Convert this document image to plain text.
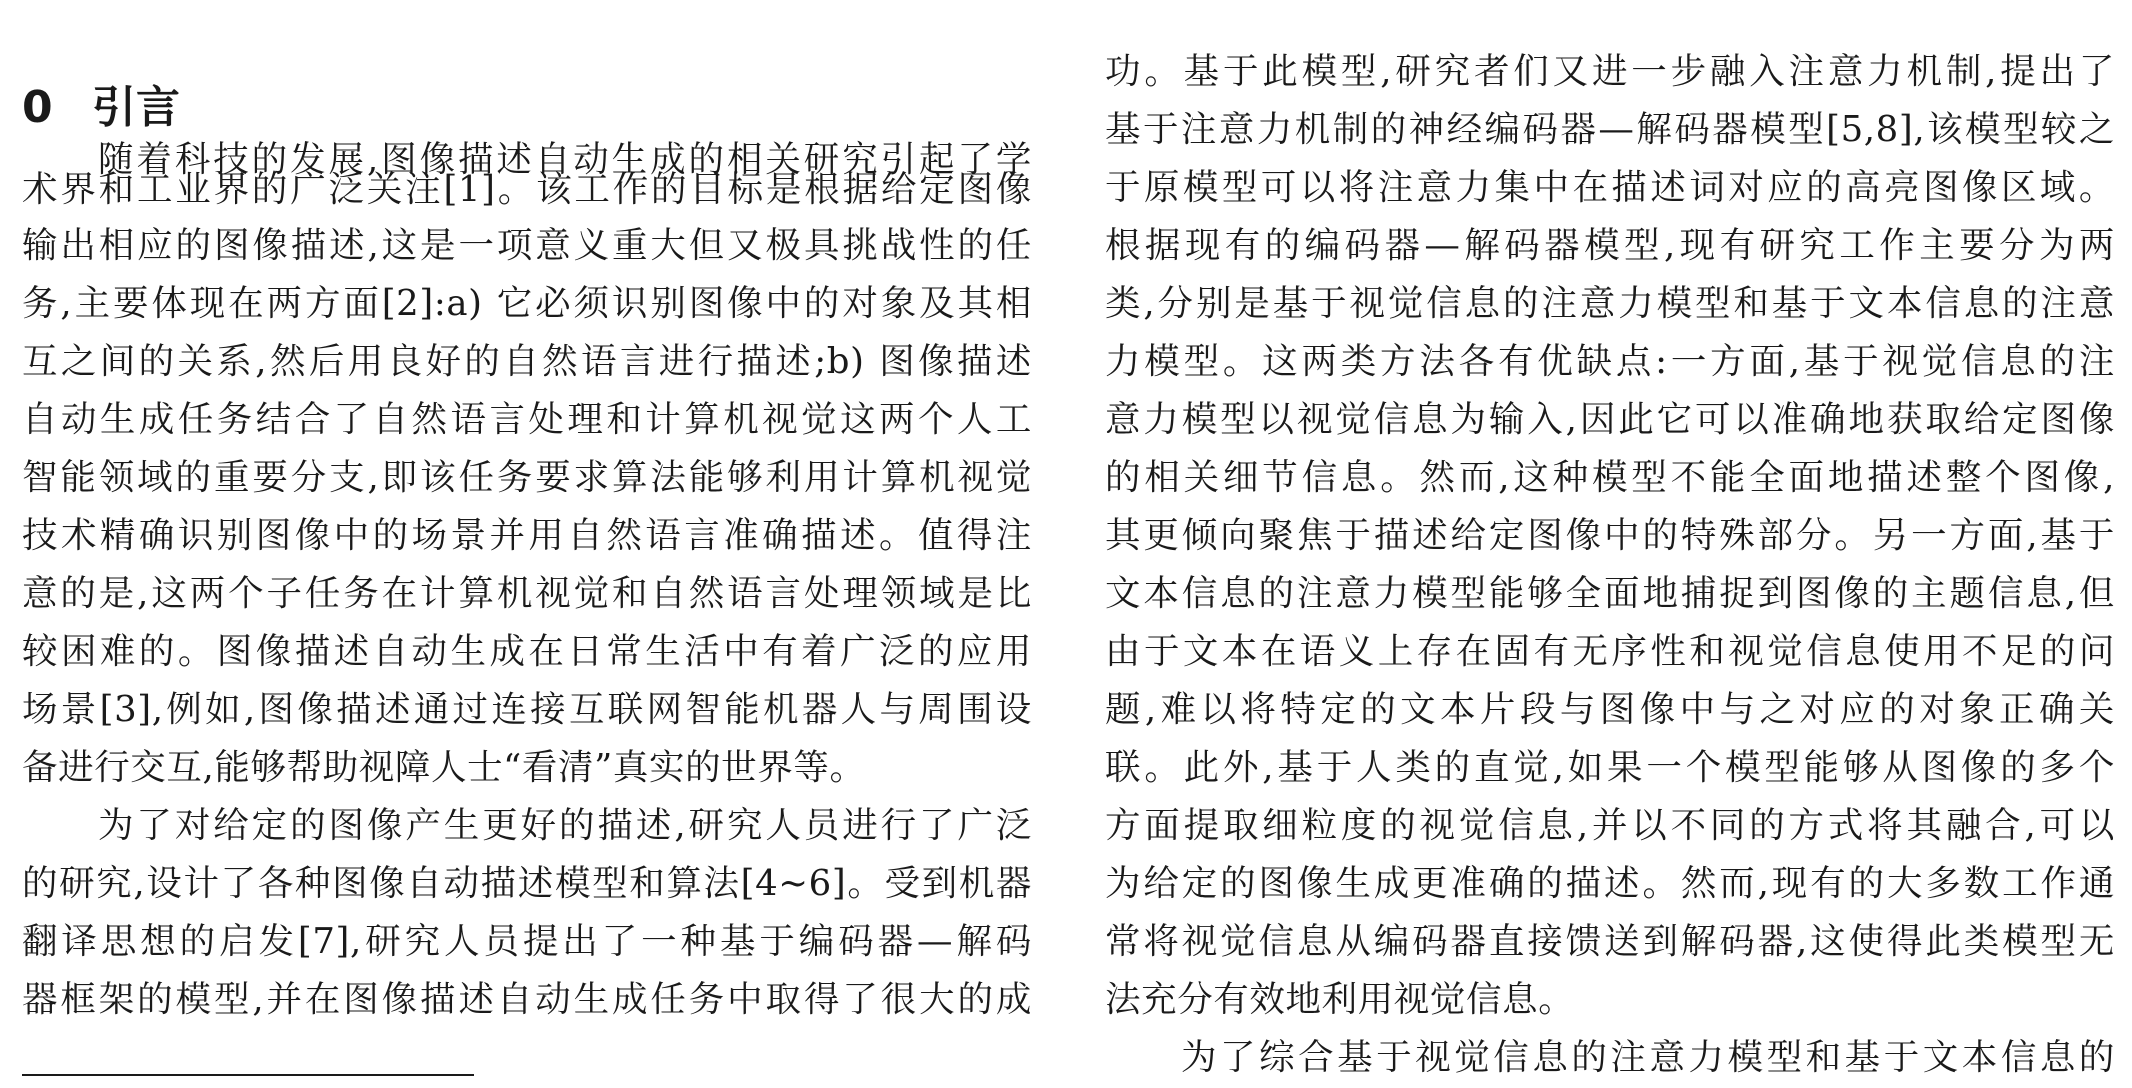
0 引言
随着科技的发展,图像描述自动生成的相关研究引起了学
术界和工业界的广泛关注[1]。该工作的目标是根据给定图像
输出相应的图像描述,这是一项意义重大但又极具挑战性的任
务,主要体现在两方面[2]:a) 它必须识别图像中的对象及其相
互之间的关系,然后用良好的自然语言进行描述;b) 图像描述
自动生成任务结合了自然语言处理和计算机视觉这两个人工
智能领域的重要分支,即该任务要求算法能够利用计算机视觉
技术精确识别图像中的场景并用自然语言准确描述。值得注
意的是,这两个子任务在计算机视觉和自然语言处理领域是比
较困难的。图像描述自动生成在日常生活中有着广泛的应用
场景[3],例如,图像描述通过连接互联网智能机器人与周围设
备进行交互,能够帮助视障人士“看清”真实的世界等。
为了对给定的图像产生更好的描述,研究人员进行了广泛
的研究,设计了各种图像自动描述模型和算法[4~6]。受到机器
翻译思想的启发[7],研究人员提出了一种基于编码器—解码
器框架的模型,并在图像描述自动生成任务中取得了很大的成
功。基于此模型,研究者们又进一步融入注意力机制,提出了
基于注意力机制的神经编码器—解码器模型[5,8],该模型较之
于原模型可以将注意力集中在描述词对应的高亮图像区域。
根据现有的编码器—解码器模型,现有研究工作主要分为两
类,分别是基于视觉信息的注意力模型和基于文本信息的注意
力模型。这两类方法各有优缺点:一方面,基于视觉信息的注
意力模型以视觉信息为输入,因此它可以准确地获取给定图像
的相关细节信息。然而,这种模型不能全面地描述整个图像,
其更倾向聚焦于描述给定图像中的特殊部分。另一方面,基于
文本信息的注意力模型能够全面地捕捉到图像的主题信息,但
由于文本在语义上存在固有无序性和视觉信息使用不足的问
题,难以将特定的文本片段与图像中与之对应的对象正确关
联。此外,基于人类的直觉,如果一个模型能够从图像的多个
方面提取细粒度的视觉信息,并以不同的方式将其融合,可以
为给定的图像生成更准确的描述。然而,现有的大多数工作通
常将视觉信息从编码器直接馈送到解码器,这使得此类模型无
法充分有效地利用视觉信息。
为了综合基于视觉信息的注意力模型和基于文本信息的
